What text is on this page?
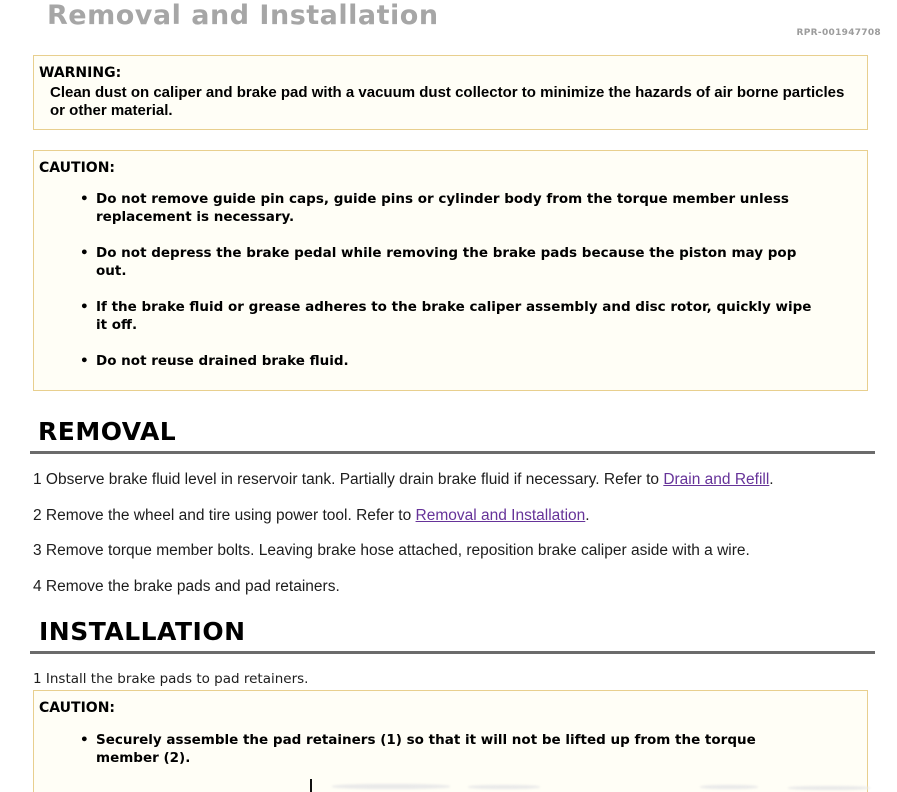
Removal and Installation
RPR-001947708
WARNING:
Clean dust on caliper and brake pad with a vacuum dust collector to minimize the hazards of air borne particles or other material.
CAUTION:
• Do not remove guide pin caps, guide pins or cylinder body from the torque member unless replacement is necessary.
• Do not depress the brake pedal while removing the brake pads because the piston may pop out.
• If the brake fluid or grease adheres to the brake caliper assembly and disc rotor, quickly wipe it off.
• Do not reuse drained brake fluid.
REMOVAL

1 Observe brake fluid level in reservoir tank. Partially drain brake fluid if necessary. Refer to Drain and Refill.

2 Remove the wheel and tire using power tool. Refer to Removal and Installation.

3 Remove torque member bolts. Leaving brake hose attached, reposition brake caliper aside with a wire.

4 Remove the brake pads and pad retainers.

INSTALLATION

1 Install the brake pads to pad retainers.

CAUTION:
• Securely assemble the pad retainers (1) so that it will not be lifted up from the torque member (2).
